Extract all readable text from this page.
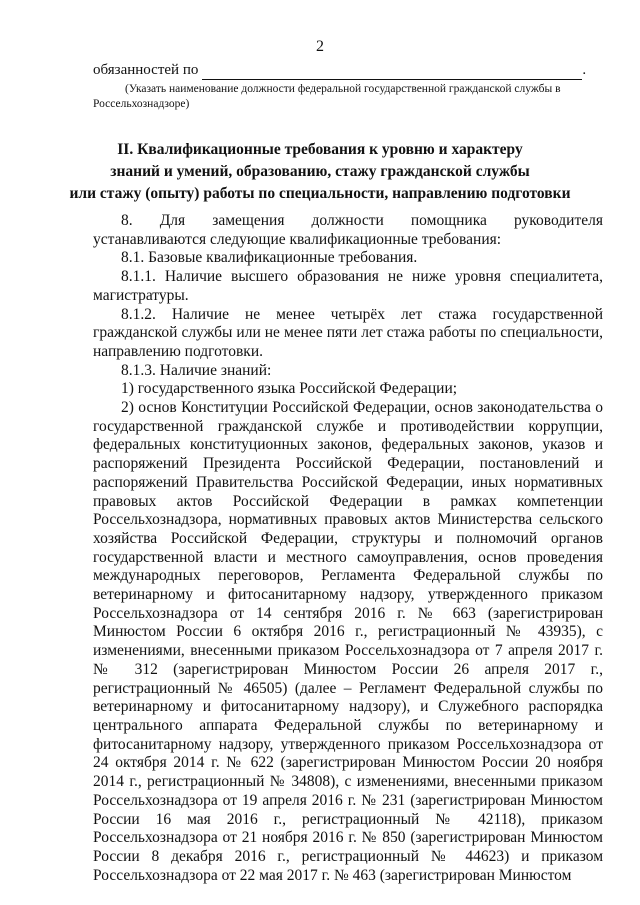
2
обязанностей по	.
(Указать наименование должности федеральной государственной гражданской службы в
Россельхознадзоре)
II. Квалификационные требования к уровню и характеру
знаний и умений, образованию, стажу гражданской службы
или стажу (опыту) работы по специальности, направлению подготовки

8. Для замещения должности помощника руководителя устанавливаются следующие квалификационные требования:

8.1. Базовые квалификационные требования.

8.1.1. Наличие высшего образования не ниже уровня специалитета, магистратуры.

8.1.2. Наличие не менее четырёх лет стажа государственной гражданской службы или не менее пяти лет стажа работы по специальности, направлению подготовки.

8.1.3. Наличие знаний:

1) государственного языка Российской Федерации;

2) основ Конституции Российской Федерации, основ законодательства о государственной гражданской службе и противодействии коррупции, федеральных конституционных законов, федеральных законов, указов и распоряжений Президента Российской Федерации, постановлений и распоряжений Правительства Российской Федерации, иных нормативных правовых актов Российской Федерации в рамках компетенции Россельхознадзора, нормативных правовых актов Министерства сельского хозяйства Российской Федерации, структуры и полномочий органов государственной власти и местного самоуправления, основ проведения международных переговоров, Регламента Федеральной службы по ветеринарному и фитосанитарному надзору, утвержденного приказом Россельхознадзора от 14 сентября 2016 г. № 663 (зарегистрирован Минюстом России 6 октября 2016 г., регистрационный № 43935), с изменениями, внесенными приказом Россельхознадзора от 7 апреля 2017 г. № 312 (зарегистрирован Минюстом России 26 апреля 2017 г., регистрационный № 46505) (далее – Регламент Федеральной службы по ветеринарному и фитосанитарному надзору), и Служебного распорядка центрального аппарата Федеральной службы по ветеринарному и фитосанитарному надзору, утвержденного приказом Россельхознадзора от 24 октября 2014 г. № 622 (зарегистрирован Минюстом России 20 ноября 2014 г., регистрационный № 34808), с изменениями, внесенными приказом Россельхознадзора от 19 апреля 2016 г. № 231 (зарегистрирован Минюстом России 16 мая 2016 г., регистрационный № 42118), приказом Россельхознадзора от 21 ноября 2016 г. № 850 (зарегистрирован Минюстом России 8 декабря 2016 г., регистрационный № 44623) и приказом Россельхознадзора от 22 мая 2017 г. № 463 (зарегистрирован Минюстом
